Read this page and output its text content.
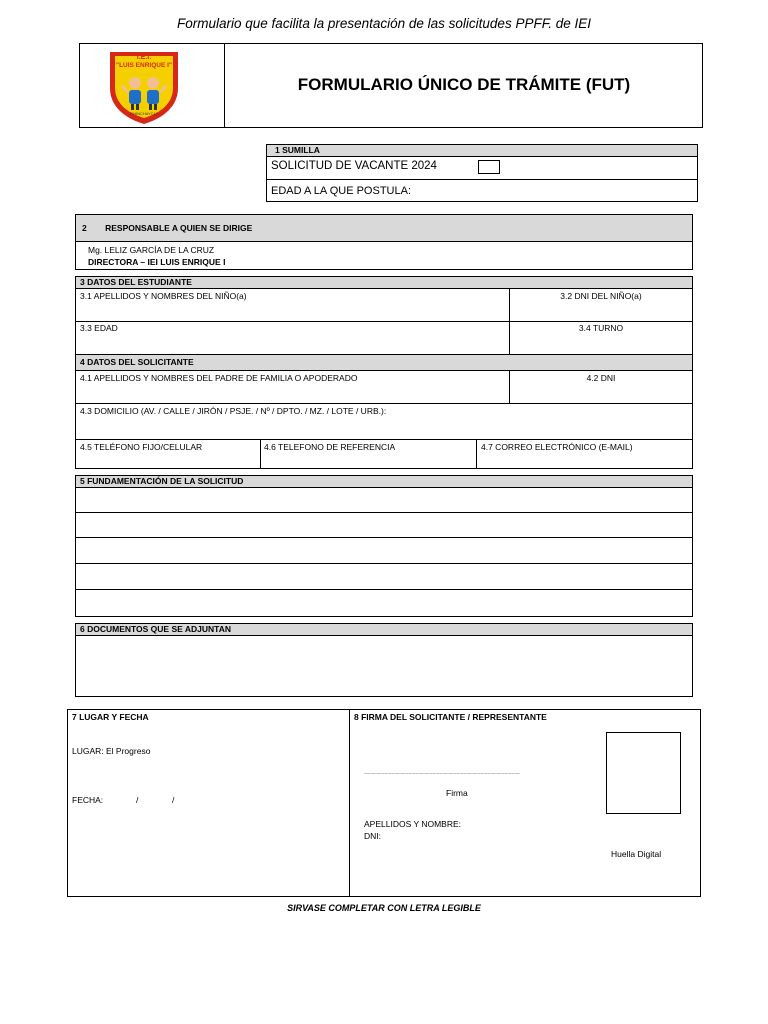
Formulario que facilita la presentación de las solicitudes PPFF. de IEI
I.E.I.
"LUIS ENRIQUE I"
CHINCHAYCUI
FORMULARIO ÚNICO DE TRÁMITE (FUT)
1 SUMILLA
SOLICITUD DE VACANTE 2024
EDAD A LA QUE POSTULA:
2 RESPONSABLE A QUIEN SE DIRIGE
Mg. LELIZ GARCÍA DE LA CRUZ
DIRECTORA – IEI LUIS ENRIQUE I
3 DATOS DEL ESTUDIANTE
3.1 APELLIDOS Y NOMBRES DEL NIÑO(a)	3.2 DNI DEL NIÑO(a)
3.3 EDAD	3.4 TURNO
4 DATOS DEL SOLICITANTE
4.1 APELLIDOS Y NOMBRES DEL PADRE DE FAMILIA O APODERADO	4.2 DNI
4.3 DOMICILIO (AV. / CALLE / JIRÓN / PSJE. / Nº / DPTO. / MZ. / LOTE / URB.):
4.5 TELÉFONO FIJO/CELULAR	4.6 TELEFONO DE REFERENCIA	4.7 CORREO ELECTRÓNICO (E-MAIL)
5 FUNDAMENTACIÓN DE LA SOLICITUD
6 DOCUMENTOS QUE SE ADJUNTAN
7 LUGAR Y FECHA
LUGAR: El Progreso
FECHA:	/	/
8 FIRMA DEL SOLICITANTE / REPRESENTANTE
……………………………………………………………………
Firma
APELLIDOS Y NOMBRE:
DNI:
Huella Digital
SIRVASE COMPLETAR CON LETRA LEGIBLE
